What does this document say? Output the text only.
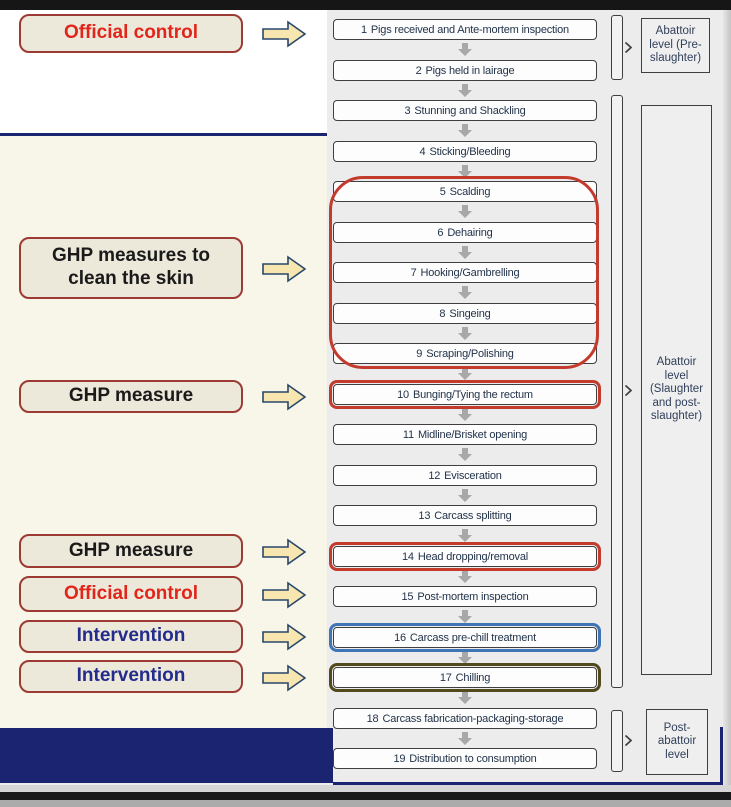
1 Pigs received and Ante-mortem inspection
2 Pigs held in lairage
3 Stunning and Shackling
4 Sticking/Bleeding
5 Scalding
6 Dehairing
7 Hooking/Gambrelling
8 Singeing
9 Scraping/Polishing
10 Bunging/Tying the rectum
11 Midline/Brisket opening
12 Evisceration
13 Carcass splitting
14 Head dropping/removal
15 Post-mortem inspection
16 Carcass pre-chill treatment
17 Chilling
18 Carcass fabrication-packaging-storage
19 Distribution to consumption
Official control
GHP measures to clean the skin
GHP measure
GHP measure
Official control
Intervention
Intervention
Abattoir level (Pre-slaughter)
Abattoir level (Slaughter and post-slaughter)
Post-abattoir level
